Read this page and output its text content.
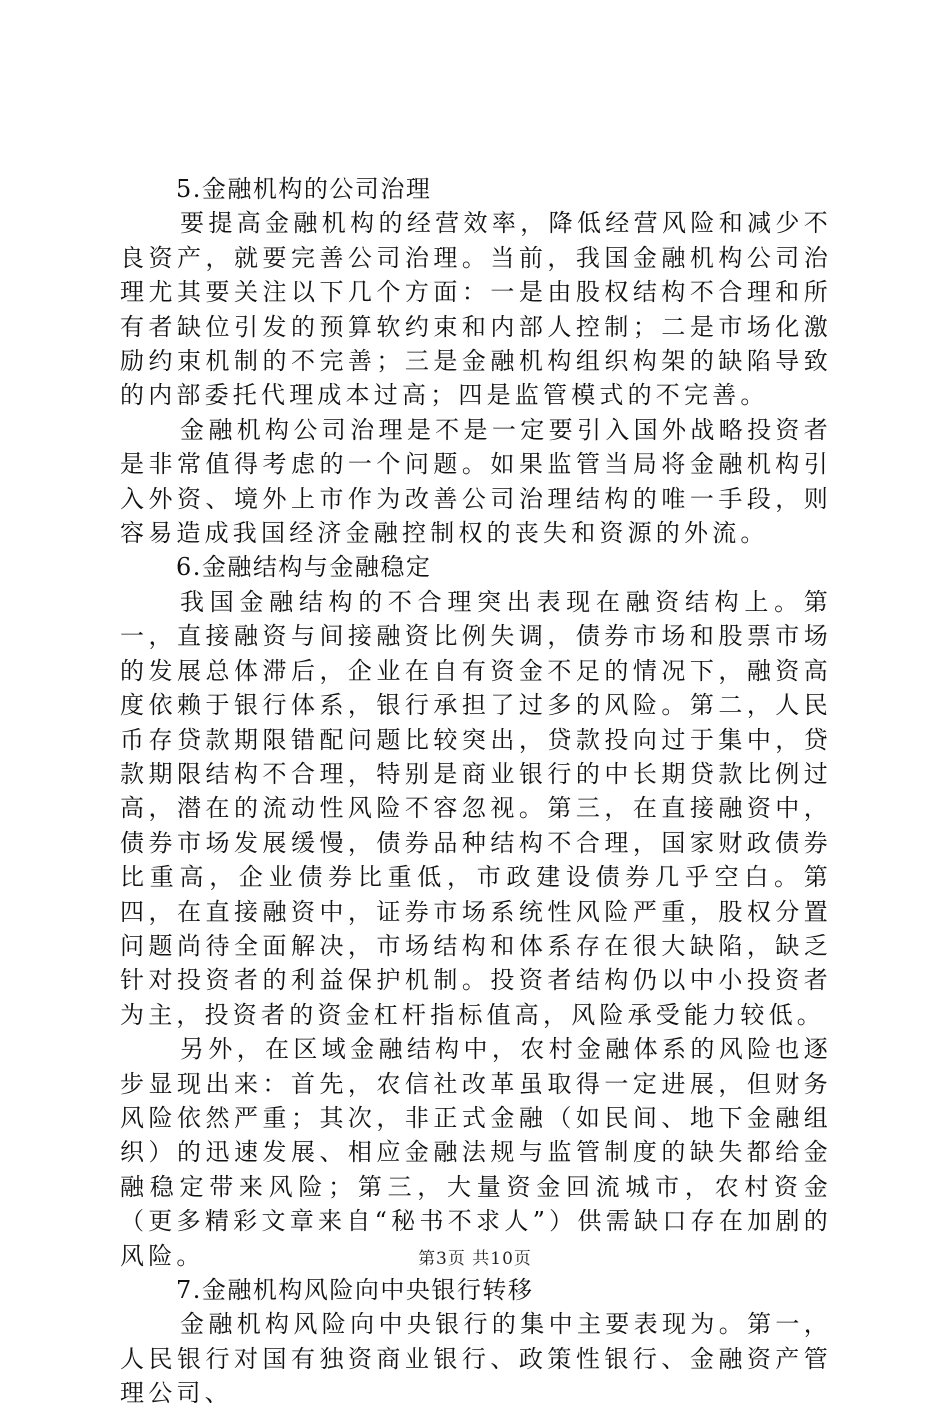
5.金融机构的公司治理

要提高金融机构的经营效率，降低经营风险和减少不良资产，就要完善公司治理。当前，我国金融机构公司治理尤其要关注以下几个方面：一是由股权结构不合理和所有者缺位引发的预算软约束和内部人控制；二是市场化激励约束机制的不完善；三是金融机构组织构架的缺陷导致的内部委托代理成本过高；四是监管模式的不完善。

金融机构公司治理是不是一定要引入国外战略投资者是非常值得考虑的一个问题。如果监管当局将金融机构引入外资、境外上市作为改善公司治理结构的唯一手段，则容易造成我国经济金融控制权的丧失和资源的外流。

6.金融结构与金融稳定

我国金融结构的不合理突出表现在融资结构上。第一，直接融资与间接融资比例失调，债券市场和股票市场的发展总体滞后，企业在自有资金不足的情况下，融资高度依赖于银行体系，银行承担了过多的风险。第二，人民币存贷款期限错配问题比较突出，贷款投向过于集中，贷款期限结构不合理，特别是商业银行的中长期贷款比例过高，潜在的流动性风险不容忽视。第三，在直接融资中，债券市场发展缓慢，债券品种结构不合理，国家财政债券比重高，企业债券比重低，市政建设债券几乎空白。第四，在直接融资中，证券市场系统性风险严重，股权分置问题尚待全面解决，市场结构和体系存在很大缺陷，缺乏针对投资者的利益保护机制。投资者结构仍以中小投资者为主，投资者的资金杠杆指标值高，风险承受能力较低。

另外，在区域金融结构中，农村金融体系的风险也逐步显现出来：首先，农信社改革虽取得一定进展，但财务风险依然严重；其次，非正式金融（如民间、地下金融组织）的迅速发展、相应金融法规与监管制度的缺失都给金融稳定带来风险；第三，大量资金回流城市，农村资金（更多精彩文章来自“秘书不求人”）供需缺口存在加剧的风险。

7.金融机构风险向中央银行转移

金融机构风险向中央银行的集中主要表现为。第一，人民银行对国有独资商业银行、政策性银行、金融资产管理公司、

第3页 共10页
